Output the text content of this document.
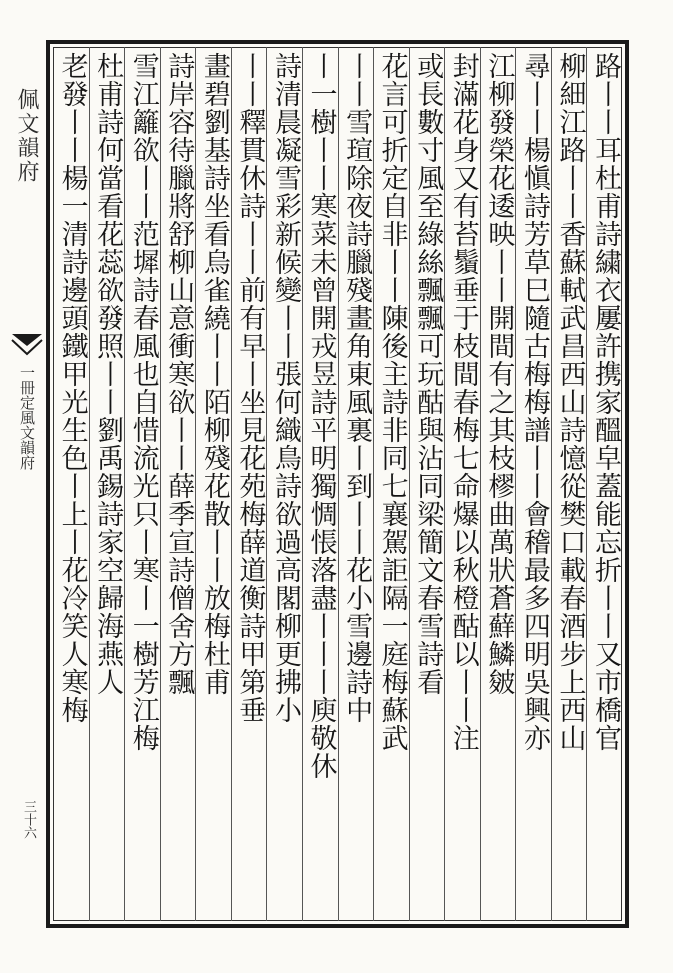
佩文韻府
一冊定風文韻府
三十六
路丨丨耳杜甫詩繍衣屢許携家醞皁蓋能忘折丨丨又市橋官
柳細江路丨丨香蘇軾武昌西山詩憶從樊口載春酒步上西山
尋丨丨楊愼詩芳草巳隨古梅梅譜丨丨會稽最多四明吳興亦
江柳發榮花逶映丨丨開間有之其枝樛曲萬狀蒼蘚鱗皴
封滿花身又有苔鬚垂于枝間春梅七命爆以秋橙酤以丨丨注
或長數寸風至綠絲飄飄可玩酤與沾同梁簡文春雪詩看
花言可折定自非丨丨陳後主詩非同七襄駕詎隔一庭梅蘇武
丨丨雪瑄除夜詩臘殘畫角東風裏丨到丨丨花小雪邊詩中
丨一樹丨丨寒菜未曾開戎昱詩平明獨惆悵落盡丨丨丨庾敬休
詩清晨凝雪彩新候變丨丨張何織鳥詩欲過高閣柳更拂小
丨丨釋貫休詩丨丨前有早丨坐見花苑梅薛道衡詩甲第垂
畫碧劉基詩坐看烏雀繞丨丨陌柳殘花散丨丨放梅杜甫
詩岸容待臘將舒柳山意衝寒欲丨丨薛季宣詩僧舍方飄
雪江籬欲丨丨范墀詩春風也自惜流光只丨寒丨一樹芳江梅
杜甫詩何當看花蕊欲發照丨丨劉禹錫詩家空歸海燕人
老發丨丨楊一清詩邊頭鐵甲光生色丨上丨花冷笑人寒梅
